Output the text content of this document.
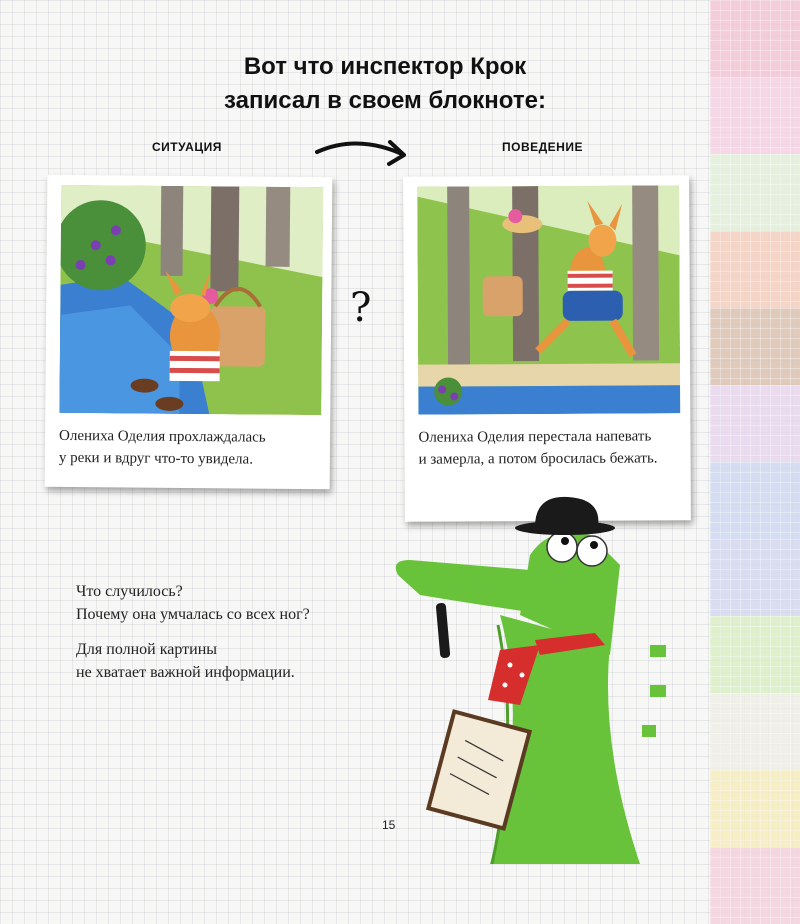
Вот что инспектор Крок
записал в своем блокноте:
СИТУАЦИЯ	ПОВЕДЕНИЕ
Олениха Оделия прохлаждалась
у реки и вдруг что-то увидела.
?
Олениха Оделия перестала напевать
и замерла, а потом бросилась бежать.

Что случилось?
Почему она умчалась со всех ног?

Для полной картины
не хватает важной информации.

15
